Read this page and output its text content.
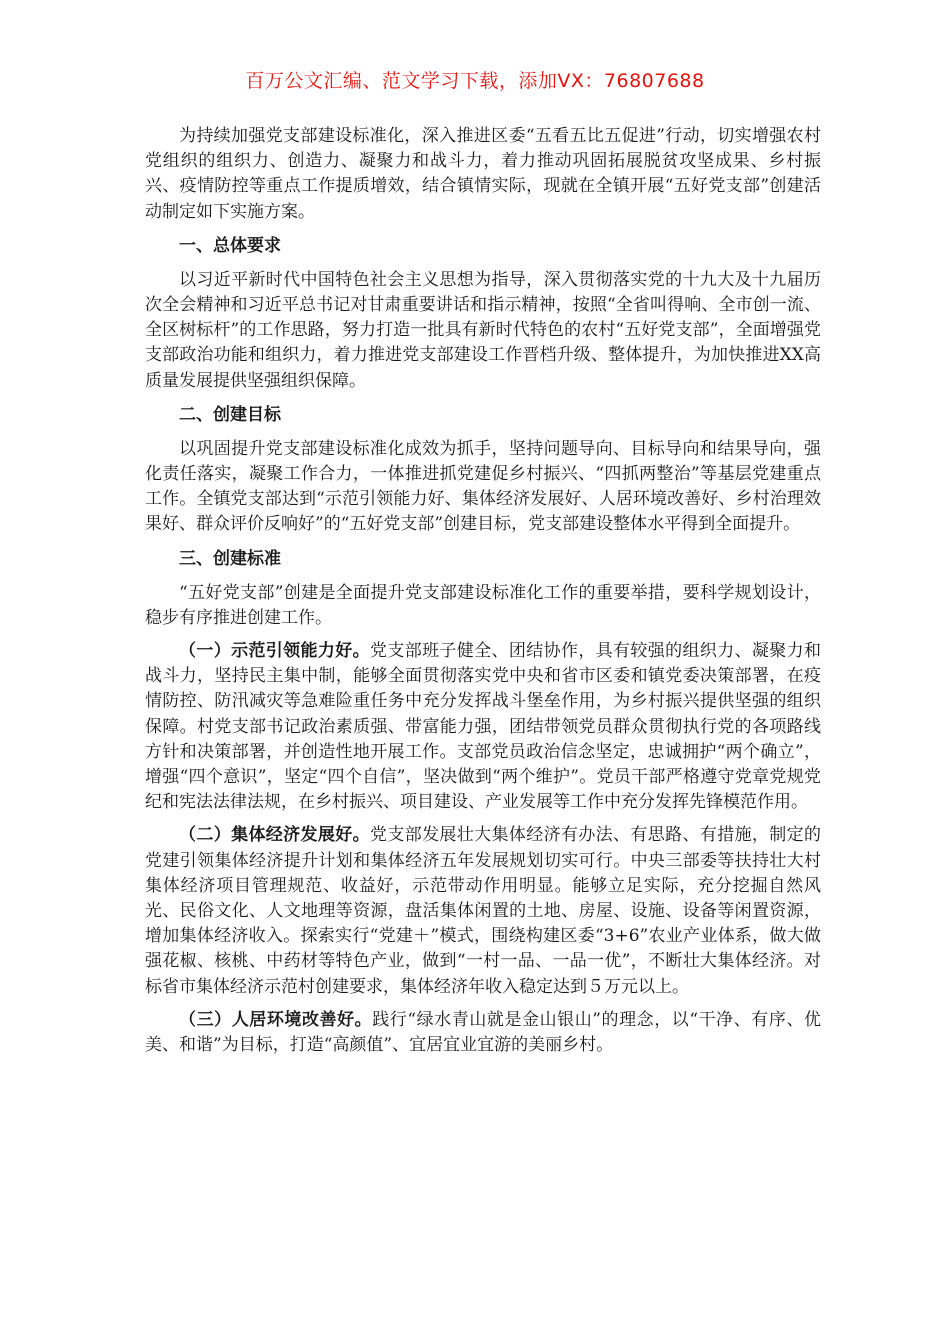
百万公文汇编、范文学习下载，添加VX：76807688

为持续加强党支部建设标准化，深入推进区委“五看五比五促进”行动，切实增强农村党组织的组织力、创造力、凝聚力和战斗力，着力推动巩固拓展脱贫攻坚成果、乡村振兴、疫情防控等重点工作提质增效，结合镇情实际，现就在全镇开展“五好党支部”创建活动制定如下实施方案。

一、总体要求

以习近平新时代中国特色社会主义思想为指导，深入贯彻落实党的十九大及十九届历次全会精神和习近平总书记对甘肃重要讲话和指示精神，按照“全省叫得响、全市创一流、全区树标杆”的工作思路，努力打造一批具有新时代特色的农村“五好党支部”，全面增强党支部政治功能和组织力，着力推进党支部建设工作晋档升级、整体提升，为加快推进XX高质量发展提供坚强组织保障。

二、创建目标

以巩固提升党支部建设标准化成效为抓手，坚持问题导向、目标导向和结果导向，强化责任落实，凝聚工作合力，一体推进抓党建促乡村振兴、“四抓两整治”等基层党建重点工作。全镇党支部达到“示范引领能力好、集体经济发展好、人居环境改善好、乡村治理效果好、群众评价反响好”的“五好党支部”创建目标，党支部建设整体水平得到全面提升。

三、创建标准

“五好党支部”创建是全面提升党支部建设标准化工作的重要举措，要科学规划设计，稳步有序推进创建工作。

（一）示范引领能力好。党支部班子健全、团结协作，具有较强的组织力、凝聚力和战斗力，坚持民主集中制，能够全面贯彻落实党中央和省市区委和镇党委决策部署，在疫情防控、防汛减灾等急难险重任务中充分发挥战斗堡垒作用，为乡村振兴提供坚强的组织保障。村党支部书记政治素质强、带富能力强，团结带领党员群众贯彻执行党的各项路线方针和决策部署，并创造性地开展工作。支部党员政治信念坚定，忠诚拥护“两个确立”，增强“四个意识”，坚定“四个自信”，坚决做到“两个维护”。党员干部严格遵守党章党规党纪和宪法法律法规，在乡村振兴、项目建设、产业发展等工作中充分发挥先锋模范作用。

（二）集体经济发展好。党支部发展壮大集体经济有办法、有思路、有措施，制定的党建引领集体经济提升计划和集体经济五年发展规划切实可行。中央三部委等扶持壮大村集体经济项目管理规范、收益好，示范带动作用明显。能够立足实际，充分挖掘自然风光、民俗文化、人文地理等资源，盘活集体闲置的土地、房屋、设施、设备等闲置资源，增加集体经济收入。探索实行“党建＋”模式，围绕构建区委“3+6”农业产业体系，做大做强花椒、核桃、中药材等特色产业，做到“一村一品、一品一优”，不断壮大集体经济。对标省市集体经济示范村创建要求，集体经济年收入稳定达到５万元以上。

（三）人居环境改善好。践行“绿水青山就是金山银山”的理念，以“干净、有序、优美、和谐”为目标，打造“高颜值”、宜居宜业宜游的美丽乡村。
